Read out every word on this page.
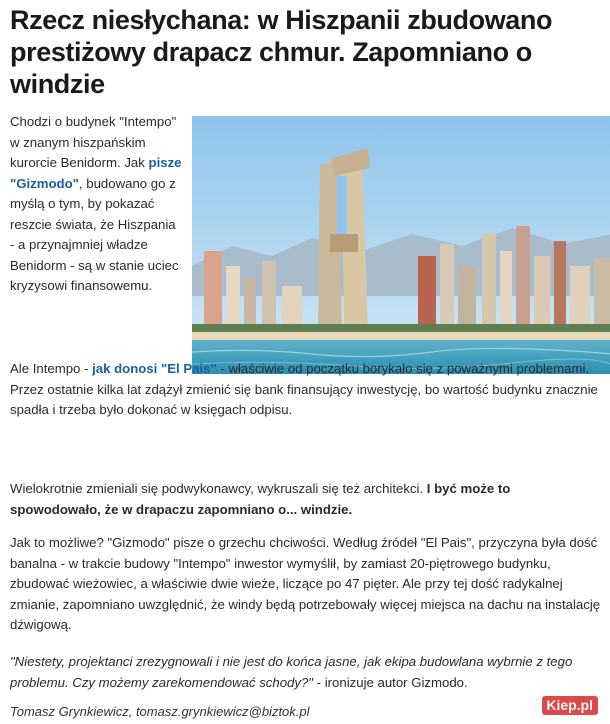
Rzecz niesłychana: w Hiszpanii zbudowano prestiżowy drapacz chmur. Zapomniano o windzie

Chodzi o budynek "Intempo" w znanym hiszpańskim kurorcie Benidorm. Jak pisze "Gizmodo", budowano go z myślą o tym, by pokazać reszcie świata, że Hiszpania - a przynajmniej władze Benidorm - są w stanie uciec kryzysowi finansowemu.

Ale Intempo - jak donosi "El Pais" - właściwie od początku borykało się z poważnymi problemami. Przez ostatnie kilka lat zdążył zmienić się bank finansujący inwestycję, bo wartość budynku znacznie spadła i trzeba było dokonać w księgach odpisu.

Wielokrotnie zmieniali się podwykonawcy, wykruszali się też architekci. I być może to spowodowało, że w drapaczu zapomniano o... windzie.

Jak to możliwe? "Gizmodo" pisze o grzechu chciwości. Według źródeł "El Pais", przyczyna była dość banalna - w trakcie budowy "Intempo" inwestor wymyślił, by zamiast 20-piętrowego budynku, zbudować wieżowiec, a właściwie dwie wieże, liczące po 47 pięter. Ale przy tej dość radykalnej zmianie, zapomniano uwzględnić, że windy będą potrzebowały więcej miejsca na dachu na instalację dźwigową.

"Niestety, projektanci zrezygnowali i nie jest do końca jasne, jak ekipa budowlana wybrnie z tego problemu. Czy możemy zarekomendować schody?" - ironizuje autor Gizmodo.

Tomasz Grynkiewicz, tomasz.grynkiewicz@biztok.pl	Kiep.pl
